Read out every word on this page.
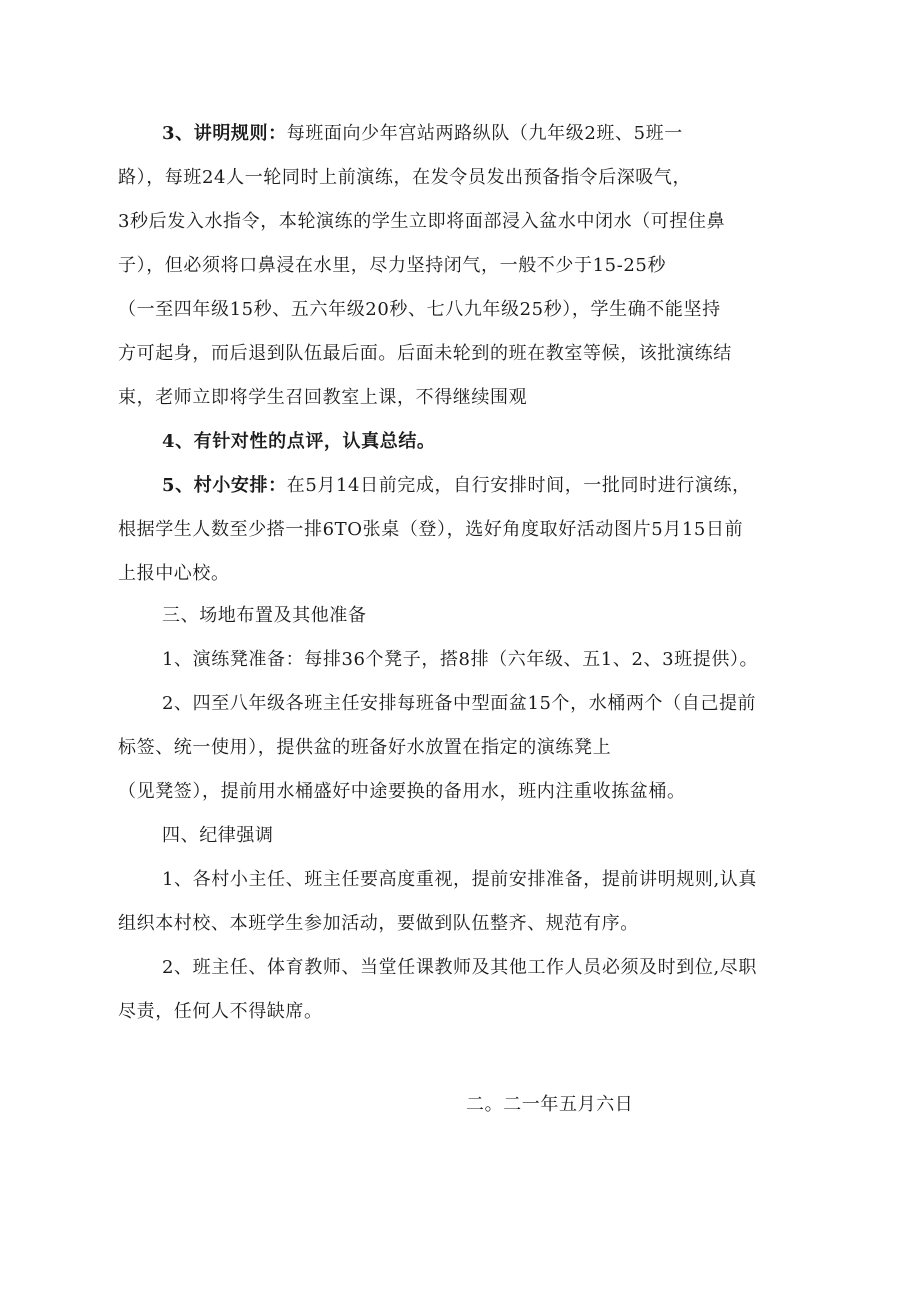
3、讲明规则：每班面向少年宫站两路纵队（九年级2班、5班一
路），每班24人一轮同时上前演练，在发令员发出预备指令后深吸气，
3秒后发入水指令，本轮演练的学生立即将面部浸入盆水中闭水（可捏住鼻
子），但必须将口鼻浸在水里，尽力坚持闭气，一般不少于15-25秒
（一至四年级15秒、五六年级20秒、七八九年级25秒），学生确不能坚持
方可起身，而后退到队伍最后面。后面未轮到的班在教室等候，该批演练结
束，老师立即将学生召回教室上课，不得继续围观
4、有针对性的点评，认真总结。
5、村小安排：在5月14日前完成，自行安排时间，一批同时进行演练，
根据学生人数至少搭一排6TO张桌（登），选好角度取好活动图片5月15日前
上报中心校。
三、场地布置及其他准备
1、演练凳准备：每排36个凳子，搭8排（六年级、五1、2、3班提供）。
2、四至八年级各班主任安排每班备中型面盆15个，水桶两个（自己提前
标签、统一使用），提供盆的班备好水放置在指定的演练凳上
（见凳签），提前用水桶盛好中途要换的备用水，班内注重收拣盆桶。
四、纪律强调
1、各村小主任、班主任要高度重视，提前安排准备，提前讲明规则,认真
组织本村校、本班学生参加活动，要做到队伍整齐、规范有序。
2、班主任、体育教师、当堂任课教师及其他工作人员必须及时到位,尽职
尽责，任何人不得缺席。
二。二一年五月六日
